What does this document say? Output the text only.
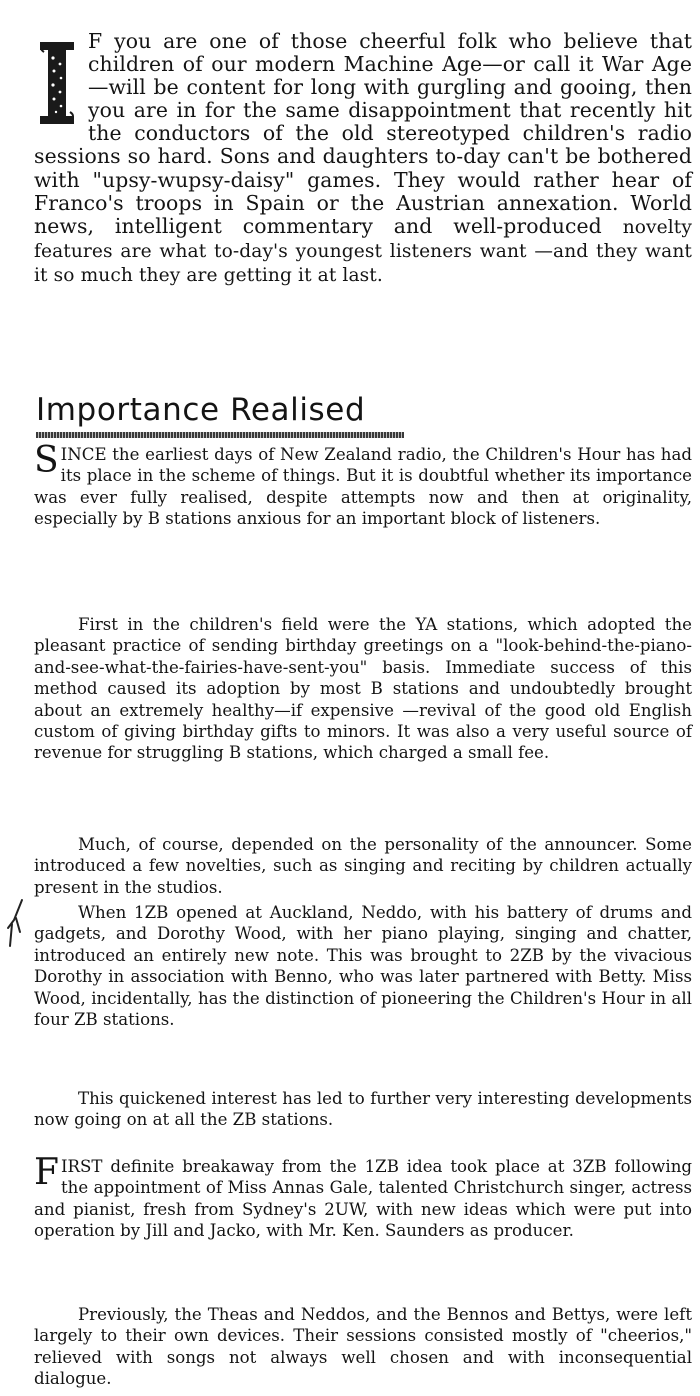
F you are one of those cheerful folk who believe that children of our modern Machine Age—or call it War Age—will be content for long with gurgling and gooing, then you are in for the same disappointment that recently hit the conductors of the old stereotyped children's radio sessions so hard. Sons and daughters to-day can't be bothered with "upsy-wupsy-daisy" games. They would rather hear of Franco's troops in Spain or the Austrian annexation. World news, intelligent commentary and well-produced novelty features are what to-day's youngest listeners want —and they want it so much they are getting it at last.

Importance Realised
S INCE the earliest days of New Zealand radio, the Children's Hour has had its place in the scheme of things. But it is doubtful whether its importance was ever fully realised, despite attempts now and then at originality, especially by B stations anxious for an important block of listeners.

First in the children's field were the YA stations, which adopted the pleasant practice of sending birthday greetings on a "look-behind-the-piano-and-see-what-the-fairies-have-sent-you" basis. Immediate success of this method caused its adoption by most B stations and undoubtedly brought about an extremely healthy—if expensive —revival of the good old English custom of giving birthday gifts to minors. It was also a very useful source of revenue for struggling B stations, which charged a small fee.

Much, of course, depended on the personality of the announcer. Some introduced a few novelties, such as singing and reciting by children actually present in the studios.

When 1ZB opened at Auckland, Neddo, with his battery of drums and gadgets, and Dorothy Wood, with her piano playing, singing and chatter, introduced an entirely new note. This was brought to 2ZB by the vivacious Dorothy in association with Benno, who was later partnered with Betty. Miss Wood, incidentally, has the distinction of pioneering the Children's Hour in all four ZB stations.

This quickened interest has led to further very interesting developments now going on at all the ZB stations.

F IRST definite breakaway from the 1ZB idea took place at 3ZB following the appointment of Miss Annas Gale, talented Christchurch singer, actress and pianist, fresh from Sydney's 2UW, with new ideas which were put into operation by Jill and Jacko, with Mr. Ken. Saunders as producer.

Previously, the Theas and Neddos, and the Bennos and Bettys, were left largely to their own devices. Their sessions consisted mostly of "cheerios," relieved with songs not always well chosen and with inconsequential dialogue.
